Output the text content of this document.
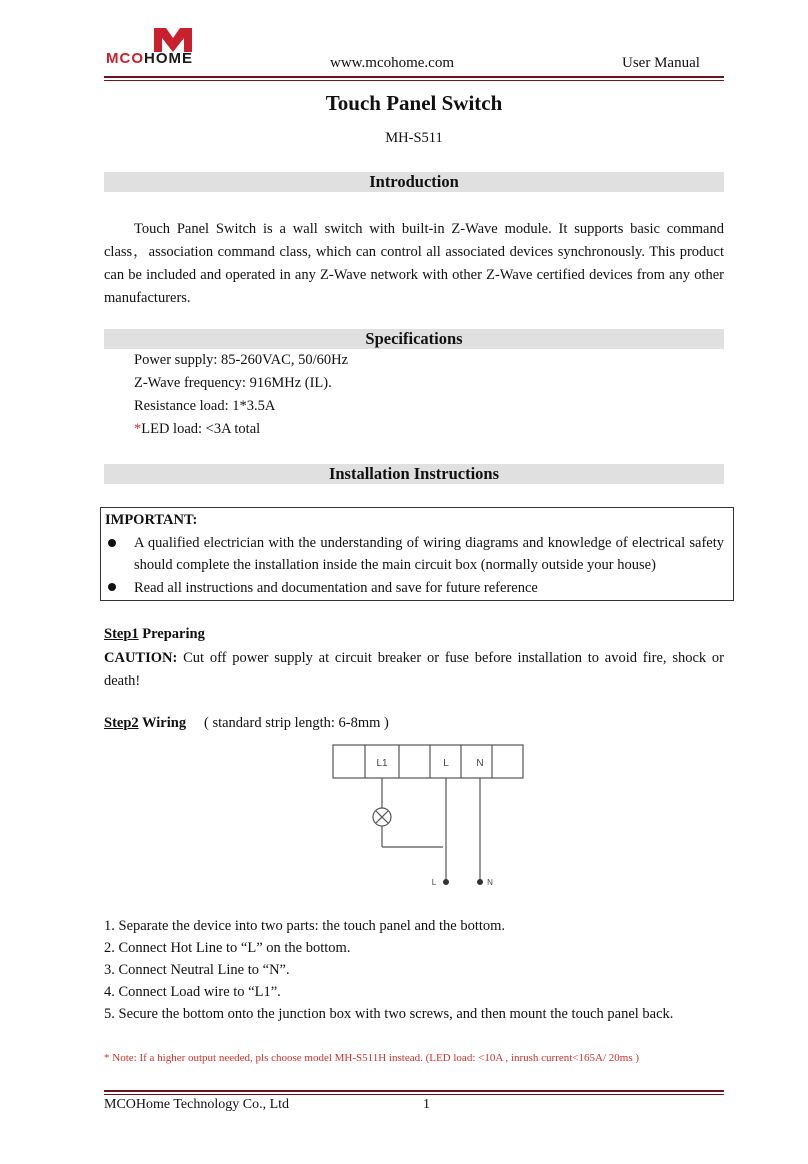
MCOHOME	www.mcohome.com	User Manual
Touch Panel Switch
MH-S511
Introduction
Touch Panel Switch is a wall switch with built-in Z-Wave module. It supports basic command class，association command class, which can control all associated devices synchronously. This product can be included and operated in any Z-Wave network with other Z-Wave certified devices from any other manufacturers.
Specifications
Power supply: 85-260VAC, 50/60Hz
Z-Wave frequency: 916MHz (IL).
Resistance load: 1*3.5A
*LED load: <3A total
Installation Instructions
IMPORTANT:
A qualified electrician with the understanding of wiring diagrams and knowledge of electrical safety should complete the installation inside the main circuit box (normally outside your house)
Read all instructions and documentation and save for future reference
Step1 Preparing
CAUTION: Cut off power supply at circuit breaker or fuse before installation to avoid fire, shock or death!
Step2 Wiring ( standard strip length: 6-8mm )
L1	L	N
L	N
1. Separate the device into two parts: the touch panel and the bottom.
2. Connect Hot Line to “L” on the bottom.
3. Connect Neutral Line to “N”.
4. Connect Load wire to “L1”.
5. Secure the bottom onto the junction box with two screws, and then mount the touch panel back.
* Note: If a higher output needed, pls choose model MH-S511H instead. (LED load: <10A , inrush current<165A/ 20ms )
MCOHome Technology Co., Ltd	1
